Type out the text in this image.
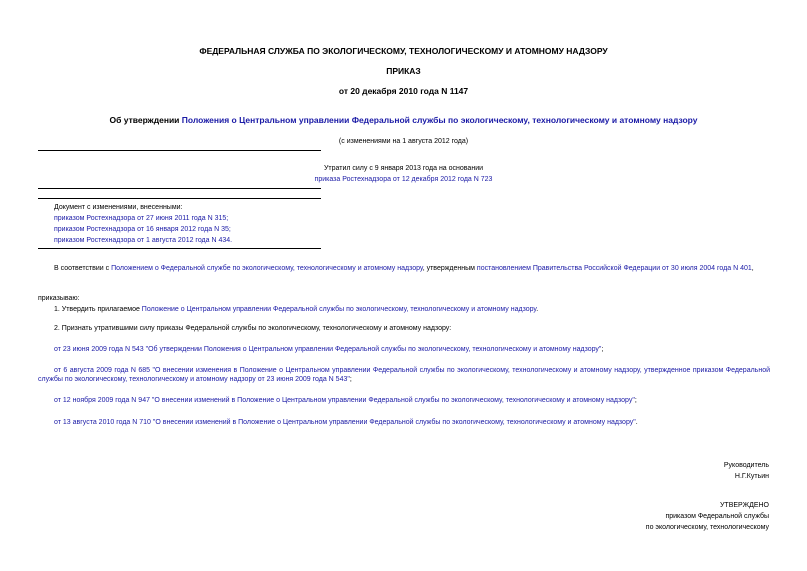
ФЕДЕРАЛЬНАЯ СЛУЖБА ПО ЭКОЛОГИЧЕСКОМУ, ТЕХНОЛОГИЧЕСКОМУ И АТОМНОМУ НАДЗОРУ
ПРИКАЗ
от 20 декабря 2010 года N 1147
Об утверждении Положения о Центральном управлении Федеральной службы по экологическому, технологическому и атомному надзору
(с изменениями на 1 августа 2012 года)
Утратил силу с 9 января 2013 года на основании
приказа Ростехнадзора от 12 декабря 2012 года N 723
Документ с изменениями, внесенными:
приказом Ростехнадзора от 27 июня 2011 года N 315;
приказом Ростехнадзора от 16 января 2012 года N 35;
приказом Ростехнадзора от 1 августа 2012 года N 434.
В соответствии с Положением о Федеральной службе по экологическому, технологическому и атомному надзору, утвержденным постановлением Правительства Российской Федерации от 30 июля 2004 года N 401,
приказываю:
1. Утвердить прилагаемое Положение о Центральном управлении Федеральной службы по экологическому, технологическому и атомному надзору.
2. Признать утратившими силу приказы Федеральной службы по экологическому, технологическому и атомному надзору:
от 23 июня 2009 года N 543 "Об утверждении Положения о Центральном управлении Федеральной службы по экологическому, технологическому и атомному надзору";
от 6 августа 2009 года N 685 "О внесении изменения в Положение о Центральном управлении Федеральной службы по экологическому, технологическому и атомному надзору, утвержденное приказом Федеральной службы по экологическому, технологическому и атомному надзору от 23 июня 2009 года N 543";
от 12 ноября 2009 года N 947 "О внесении изменений в Положение о Центральном управлении Федеральной службы по экологическому, технологическому и атомному надзору";
от 13 августа 2010 года N 710 "О внесении изменений в Положение о Центральном управлении Федеральной службы по экологическому, технологическому и атомному надзору".
Руководитель
Н.Г.Кутьин
УТВЕРЖДЕНО
приказом Федеральной службы
по экологическому, технологическому
